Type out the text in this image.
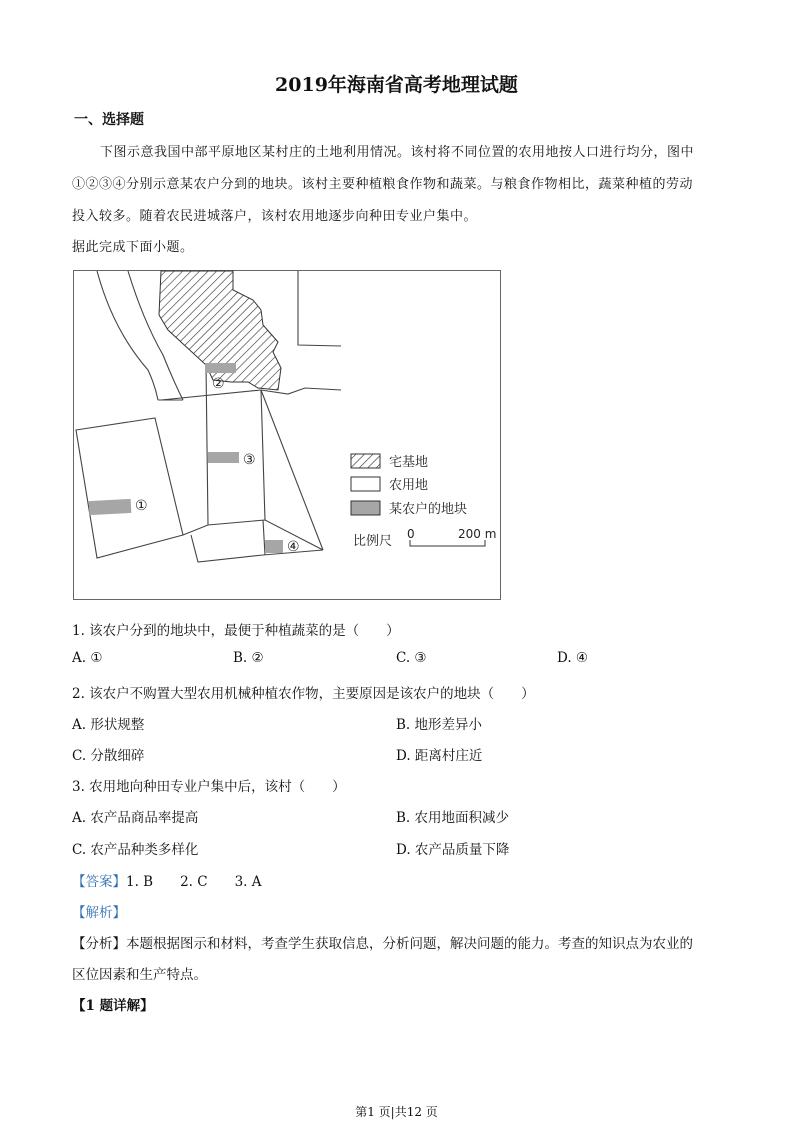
2019年海南省高考地理试题
一、选择题
下图示意我国中部平原地区某村庄的土地利用情况。该村将不同位置的农用地按人口进行均分，图中
①②③④分别示意某农户分到的地块。该村主要种植粮食作物和蔬菜。与粮食作物相比，蔬菜种植的劳动
投入较多。随着农民进城落户，该村农用地逐步向种田专业户集中。
据此完成下面小题。
②
③
①
④
宅基地
农用地
某农户的地块
比例尺 0	200 m
1. 该农户分到的地块中，最便于种植蔬菜的是（　　）
A. ①	B. ②	C. ③	D. ④
2. 该农户不购置大型农用机械种植农作物，主要原因是该农户的地块（　　）
A. 形状规整	B. 地形差异小
C. 分散细碎	D. 距离村庄近
3. 农用地向种田专业户集中后，该村（　　）
A. 农产品商品率提高	B. 农用地面积减少
C. 农产品种类多样化	D. 农产品质量下降
【答案】1. B　　2. C　　3. A
【解析】
【分析】本题根据图示和材料，考查学生获取信息，分析问题，解决问题的能力。考查的知识点为农业的
区位因素和生产特点。
【1 题详解】
第1 页|共12 页
